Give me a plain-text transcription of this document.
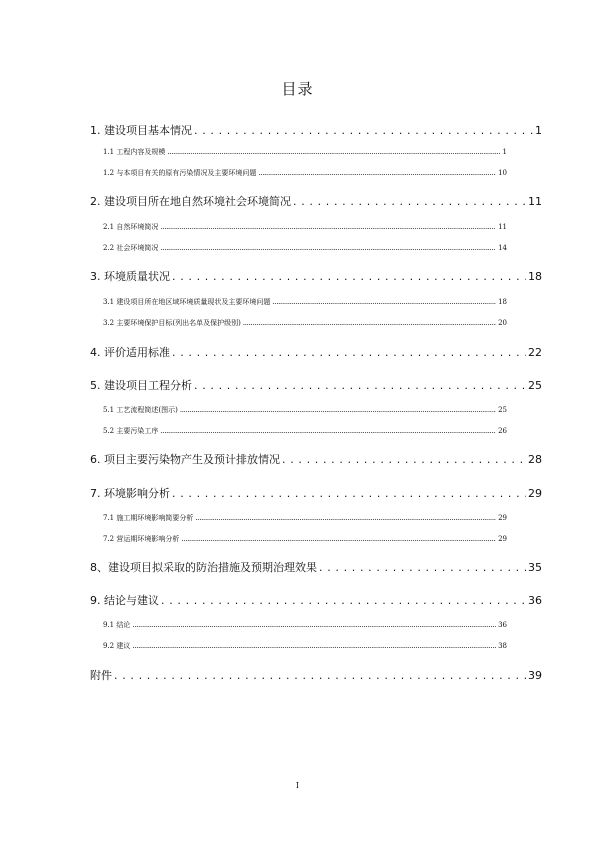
目录
1. 建设项目基本情况 . . .	1
1.1 工程内容及规模 .....	1
1.2 与本项目有关的原有污染情况及主要环境问题 .....	10
2. 建设项目所在地自然环境社会环境简况 . . .	11
2.1 自然环境简况 .....	11
2.2 社会环境简况 .....	14
3. 环境质量状况 . . .	18
3.1 建设项目所在地区域环境质量现状及主要环境问题 .....	18
3.2 主要环境保护目标(列出名单及保护级别) .....	20
4. 评价适用标准 . . .	22
5. 建设项目工程分析 . . .	25
5.1 工艺流程简述(图示) .....	25
5.2 主要污染工序 .....	26
6. 项目主要污染物产生及预计排放情况 . . .	28
7. 环境影响分析 . . .	29
7.1 施工期环境影响简要分析 .....	29
7.2 营运期环境影响分析 .....	29
8、建设项目拟采取的防治措施及预期治理效果 . . .	35
9. 结论与建议 . . .	36
9.1 结论 .....	36
9.2 建议 .....	38
附件 . . .	39
I
